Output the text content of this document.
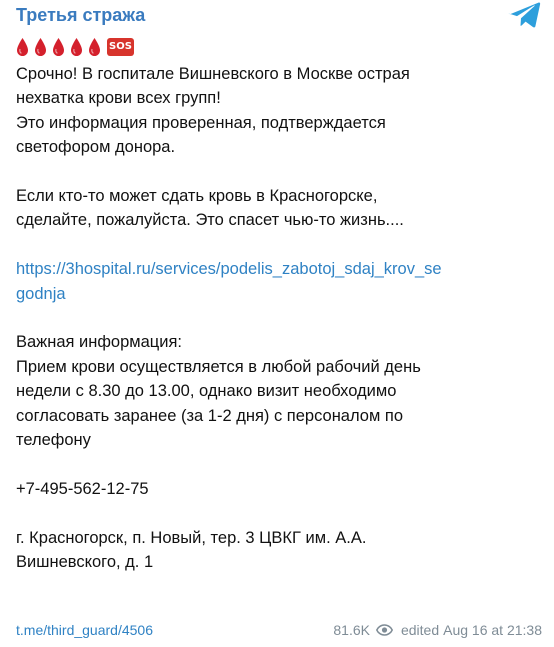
Третья стража
SOS
Срочно! В госпитале Вишневского в Москве острая
нехватка крови всех групп!
Это информация проверенная, подтверждается
светофором донора.
Если кто-то может сдать кровь в Красногорске,
сделайте, пожалуйста. Это спасет чью-то жизнь....
https://3hospital.ru/services/podelis_zabotoj_sdaj_krov_se
godnja
Важная информация:
Прием крови осуществляется в любой рабочий день
недели с 8.30 до 13.00, однако визит необходимо
согласовать заранее (за 1-2 дня) с персоналом по
телефону
+7-495-562-12-75
г. Красногорск, п. Новый, тер. 3 ЦВКГ им. А.А.
Вишневского, д. 1
t.me/third_guard/4506	81.6K edited Aug 16 at 21:38
